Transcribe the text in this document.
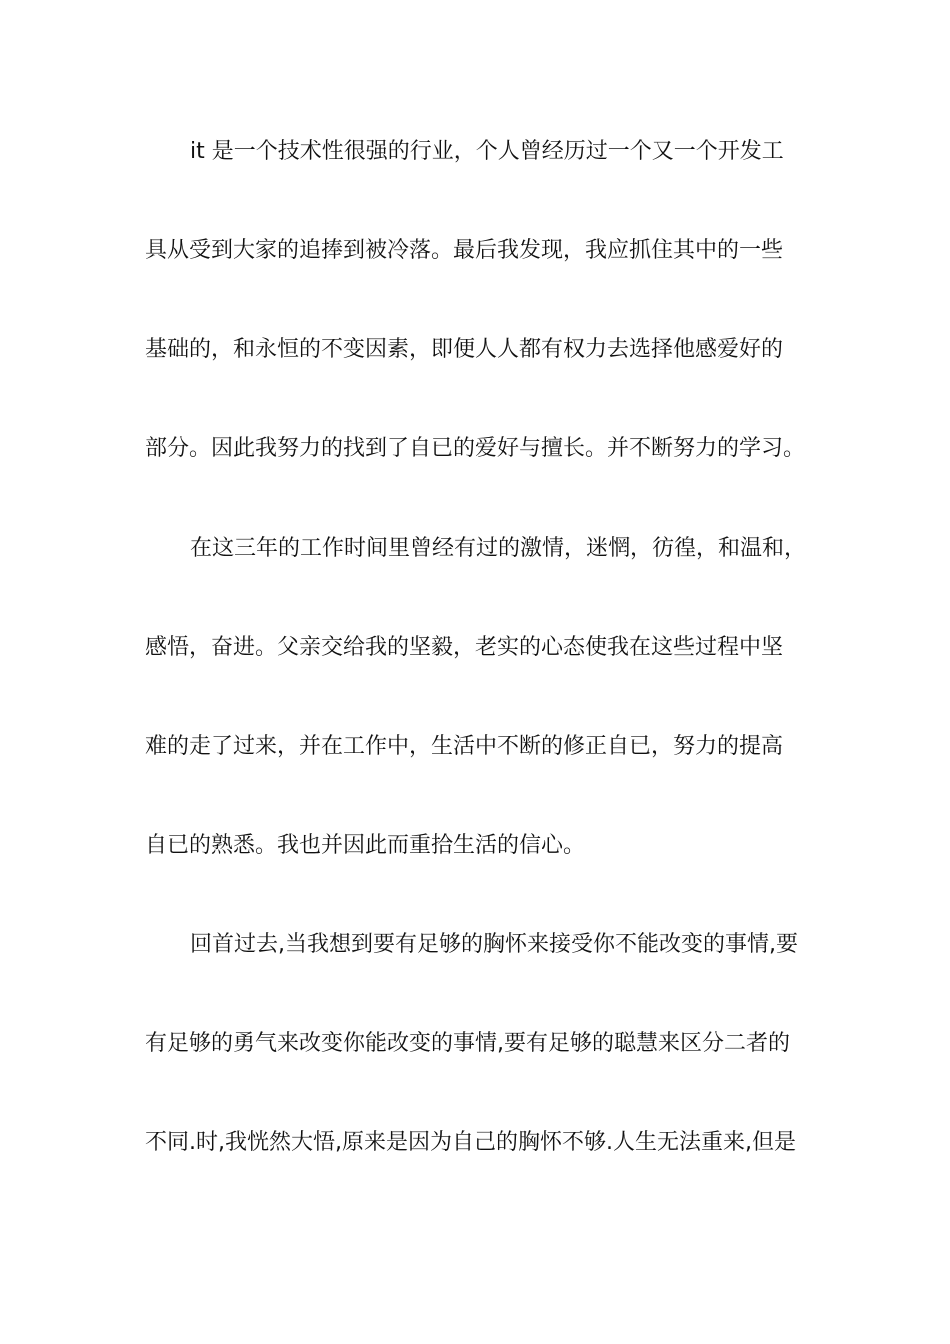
it 是一个技术性很强的行业，个人曾经历过一个又一个开发工

具从受到大家的追捧到被冷落。最后我发现，我应抓住其中的一些

基础的，和永恒的不变因素，即便人人都有权力去选择他感爱好的

部分。因此我努力的找到了自已的爱好与擅长。并不断努力的学习。

在这三年的工作时间里曾经有过的激情，迷惘，彷徨，和温和，

感悟，奋进。父亲交给我的坚毅，老实的心态使我在这些过程中坚

难的走了过来，并在工作中，生活中不断的修正自已，努力的提高

自已的熟悉。我也并因此而重拾生活的信心。

回首过去,当我想到要有足够的胸怀来接受你不能改变的事情,要

有足够的勇气来改变你能改变的事情,要有足够的聪慧来区分二者的

不同.时,我恍然大悟,原来是因为自己的胸怀不够.人生无法重来,但是
